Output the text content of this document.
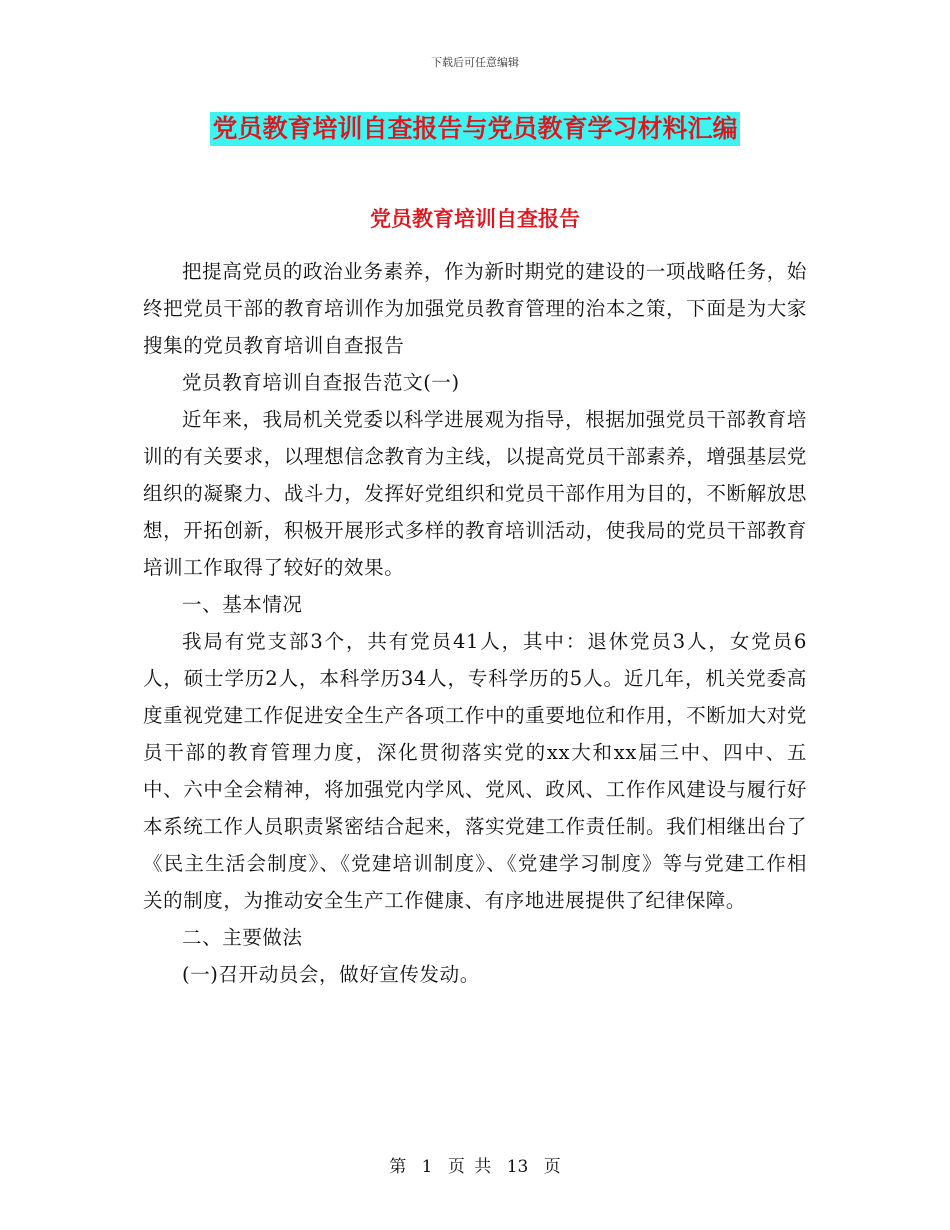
下载后可任意编辑
党员教育培训自查报告与党员教育学习材料汇编
党员教育培训自查报告

把提高党员的政治业务素养，作为新时期党的建设的一项战略任务，始终把党员干部的教育培训作为加强党员教育管理的治本之策，下面是为大家搜集的党员教育培训自查报告

党员教育培训自查报告范文(一)

近年来，我局机关党委以科学进展观为指导，根据加强党员干部教育培训的有关要求，以理想信念教育为主线，以提高党员干部素养，增强基层党组织的凝聚力、战斗力，发挥好党组织和党员干部作用为目的，不断解放思想，开拓创新，积极开展形式多样的教育培训活动，使我局的党员干部教育培训工作取得了较好的效果。

一、基本情况

我局有党支部3个，共有党员41人，其中：退休党员3人，女党员6人，硕士学历2人，本科学历34人，专科学历的5人。近几年，机关党委高度重视党建工作促进安全生产各项工作中的重要地位和作用，不断加大对党员干部的教育管理力度，深化贯彻落实党的xx大和xx届三中、四中、五中、六中全会精神，将加强党内学风、党风、政风、工作作风建设与履行好本系统工作人员职责紧密结合起来，落实党建工作责任制。我们相继出台了《民主生活会制度》、《党建培训制度》、《党建学习制度》等与党建工作相关的制度，为推动安全生产工作健康、有序地进展提供了纪律保障。

二、主要做法

(一)召开动员会，做好宣传发动。

第 1 页 共 13 页
